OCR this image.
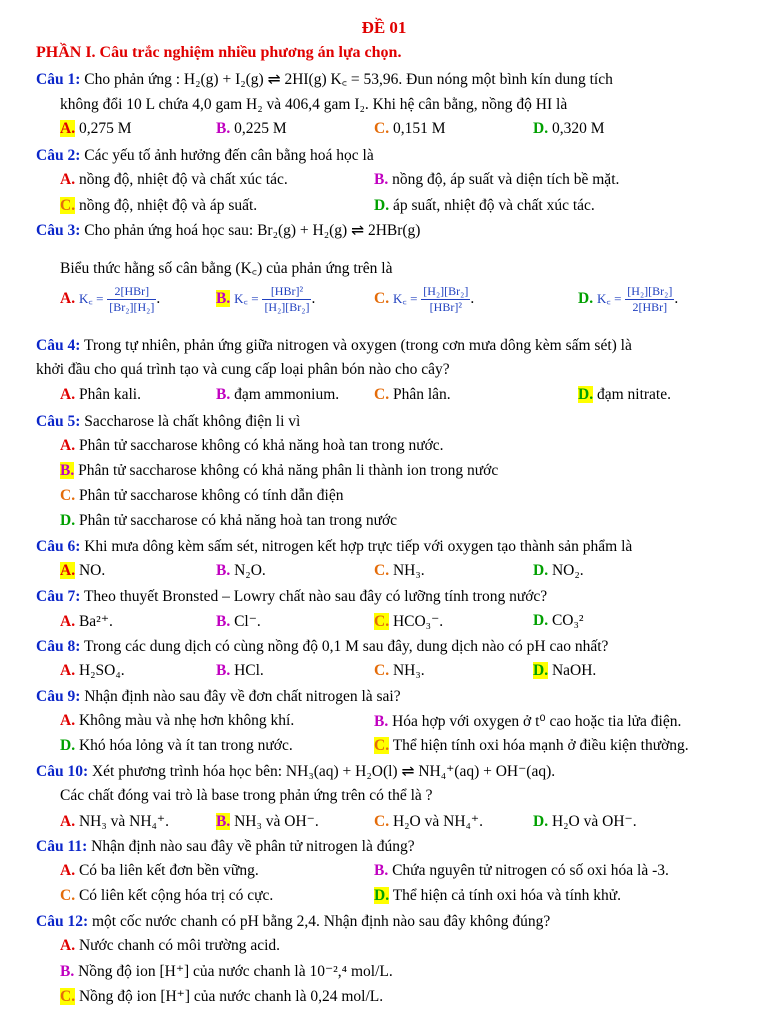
ĐỀ 01
PHẦN I. Câu trắc nghiệm nhiều phương án lựa chọn.
Câu 1: Cho phản ứng : H₂(g) + I₂(g) ⇌ 2HI(g) K꜀ = 53,96. Đun nóng một bình kín dung tích
không đổi 10 L chứa 4,0 gam H₂ và 406,4 gam I₂. Khi hệ cân bằng, nồng độ HI là
A. 0,275 M	B. 0,225 M	C. 0,151 M	D. 0,320 M
Câu 2: Các yếu tố ảnh hưởng đến cân bằng hoá học là
A. nồng độ, nhiệt độ và chất xúc tác.	B. nồng độ, áp suất và diện tích bề mặt.
C. nồng độ, nhiệt độ và áp suất.	D. áp suất, nhiệt độ và chất xúc tác.
Câu 3: Cho phản ứng hoá học sau: Br₂(g) + H₂(g) ⇌ 2HBr(g)
Biểu thức hằng số cân bằng (K꜀) của phản ứng trên là
A. K꜀ = $\frac{\text{2[HBr]}}{\text{[Br₂][H₂]}}$ .	B. K꜀ = $\frac{\text{[HBr]²}}{\text{[H₂][Br₂]}}$ .	C. K꜀ = $\frac{\text{[H₂][Br₂]}}{\text{[HBr]²}}$ .	D. K꜀ = $\frac{\text{[H₂][Br₂]}}{\text{2[HBr]}}$ .
Câu 4: Trong tự nhiên, phản ứng giữa nitrogen và oxygen (trong cơn mưa dông kèm sấm sét) là
khởi đầu cho quá trình tạo và cung cấp loại phân bón nào cho cây?
A. Phân kali.	B. đạm ammonium. C. Phân lân.	D. đạm nitrate.
Câu 5: Saccharose là chất không điện li vì
A. Phân tử saccharose không có khả năng hoà tan trong nước.
B. Phân tử saccharose không có khả năng phân li thành ion trong nước
C. Phân tử saccharose không có tính dẫn điện
D. Phân tử saccharose có khả năng hoà tan trong nước
Câu 6: Khi mưa dông kèm sấm sét, nitrogen kết hợp trực tiếp với oxygen tạo thành sản phẩm là
A. NO.	B. N₂O.	C. NH₃.	D. NO₂.
Câu 7: Theo thuyết Bronsted – Lowry chất nào sau đây có lưỡng tính trong nước?
A. Ba²⁺.	B. Cl⁻.	C. HCO₃⁻.	D. CO₃²
Câu 8: Trong các dung dịch có cùng nồng độ 0,1 M sau đây, dung dịch nào có pH cao nhất?
A. H₂SO₄.	B. HCl.	C. NH₃.	D. NaOH.
Câu 9: Nhận định nào sau đây về đơn chất nitrogen là sai?
A. Không màu và nhẹ hơn không khí.	B. Hóa hợp với oxygen ở t⁰ cao hoặc tia lửa điện.
D. Khó hóa lỏng và ít tan trong nước.	C. Thể hiện tính oxi hóa mạnh ở điều kiện thường.
Câu 10: Xét phương trình hóa học bên: NH₃(aq) + H₂O(l) ⇌ NH₄⁺(aq) + OH⁻(aq).
Các chất đóng vai trò là base trong phản ứng trên có thể là ?
A. NH₃ và NH₄⁺.	B. NH₃ và OH⁻.	C. H₂O và NH₄⁺.	D. H₂O và OH⁻.
Câu 11: Nhận định nào sau đây về phân tử nitrogen là đúng?
A. Có ba liên kết đơn bền vững.	B. Chứa nguyên tử nitrogen có số oxi hóa là -3.
C. Có liên kết cộng hóa trị có cực.	D. Thể hiện cả tính oxi hóa và tính khử.
Câu 12: một cốc nước chanh có pH bằng 2,4. Nhận định nào sau đây không đúng?
A. Nước chanh có môi trường acid.
B. Nồng độ ion [H⁺] của nước chanh là 10⁻²,⁴ mol/L.
C. Nồng độ ion [H⁺] của nước chanh là 0,24 mol/L.
